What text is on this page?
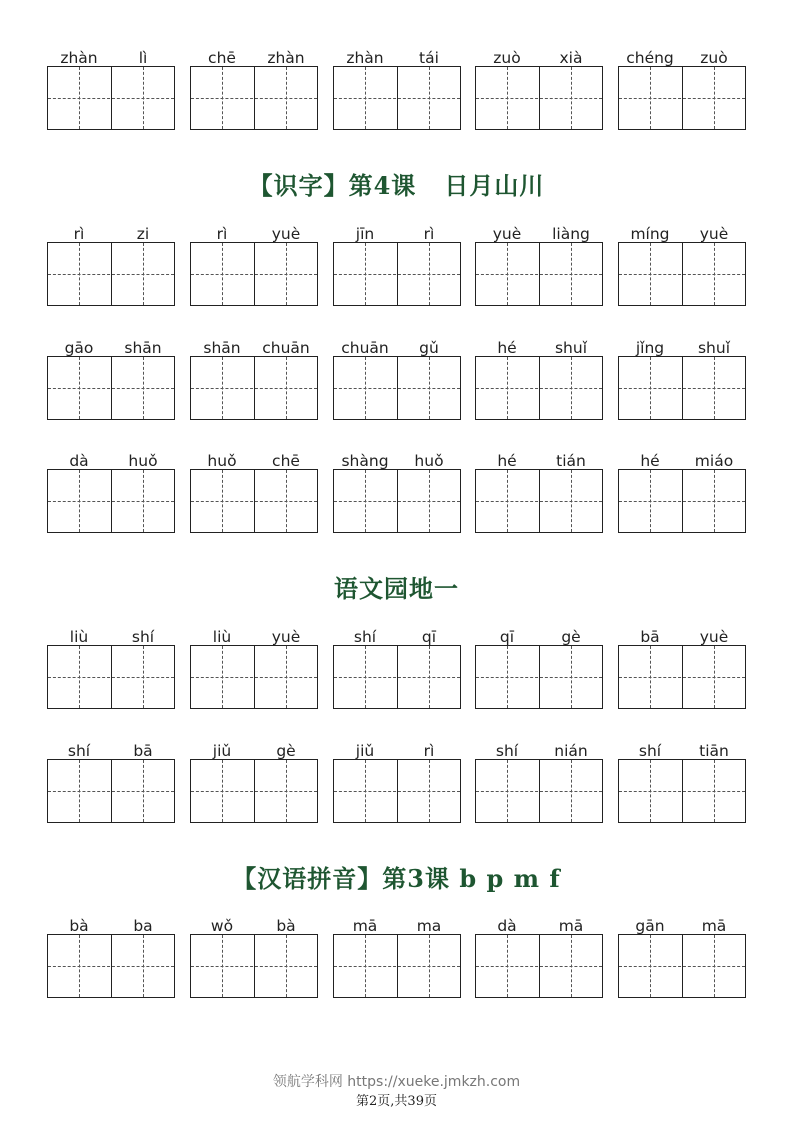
zhàn	lì	chē	zhàn	zhàn	tái	zuò	xià	chéng	zuò
【识字】第4课   日月山川
rì	zi	rì	yuè	jīn	rì	yuè	liàng	míng	yuè
gāo	shān	shān	chuān	chuān	gǔ	hé	shuǐ	jǐng	shuǐ
dà	huǒ	huǒ	chē	shàng	huǒ	hé	tián	hé	miáo
语文园地一
liù	shí	liù	yuè	shí	qī	qī	gè	bā	yuè
shí	bā	jiǔ	gè	jiǔ	rì	shí	nián	shí	tiān
【汉语拼音】第3课 b p m f
bà	ba	wǒ	bà	mā	ma	dà	mā	gān	mā
领航学科网 https://xueke.jmkzh.com
第2页,共39页
